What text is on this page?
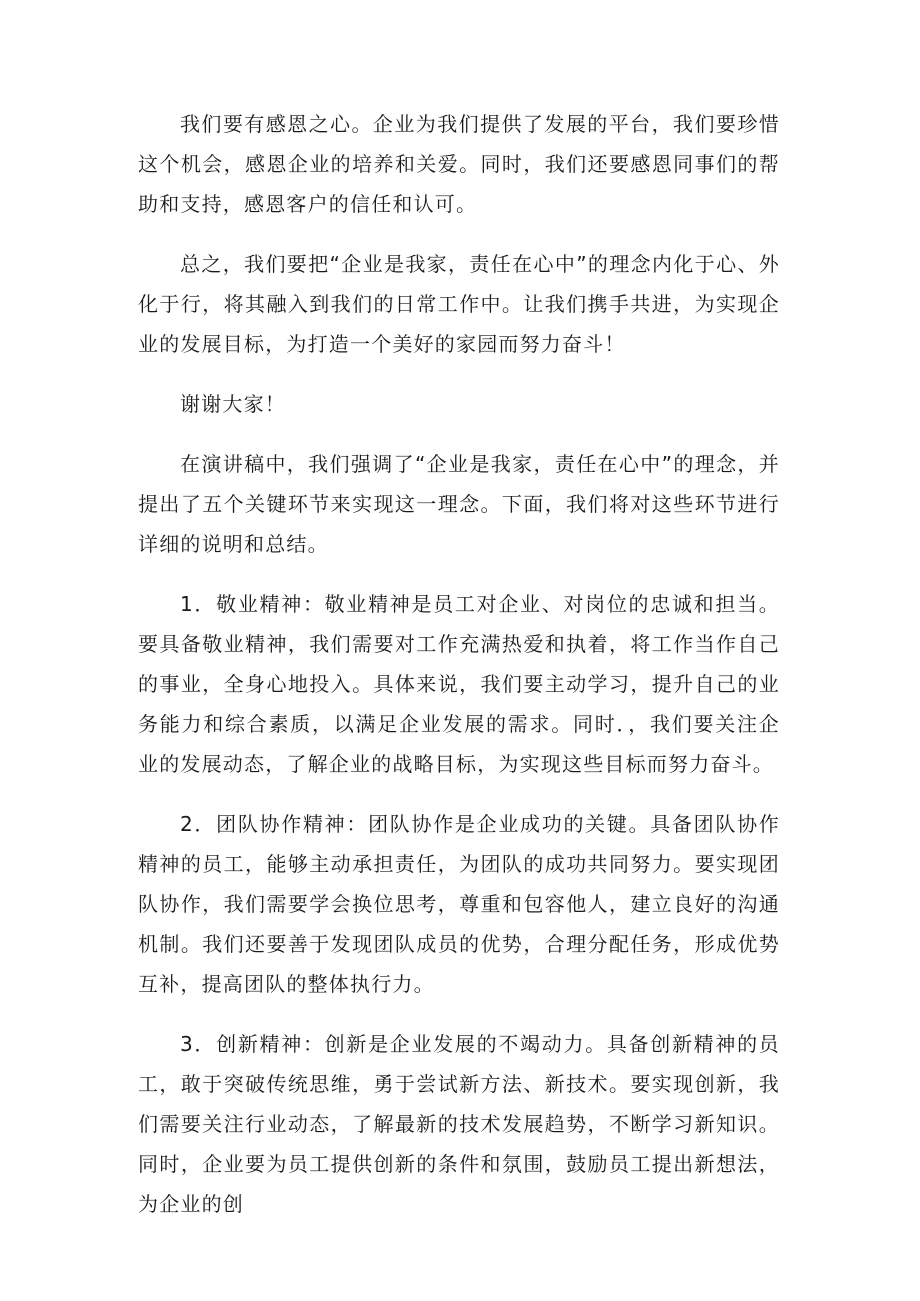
我们要有感恩之心。企业为我们提供了发展的平台，我们要珍惜这个机会，感恩企业的培养和关爱。同时，我们还要感恩同事们的帮助和支持，感恩客户的信任和认可。

总之，我们要把“企业是我家，责任在心中”的理念内化于心、外化于行，将其融入到我们的日常工作中。让我们携手共进，为实现企业的发展目标，为打造一个美好的家园而努力奋斗！

谢谢大家！

在演讲稿中，我们强调了“企业是我家，责任在心中”的理念，并提出了五个关键环节来实现这一理念。下面，我们将对这些环节进行详细的说明和总结。

1．敬业精神：敬业精神是员工对企业、对岗位的忠诚和担当。要具备敬业精神，我们需要对工作充满热爱和执着，将工作当作自己的事业，全身心地投入。具体来说，我们要主动学习，提升自己的业务能力和综合素质，以满足企业发展的需求。同时．，我们要关注企业的发展动态，了解企业的战略目标，为实现这些目标而努力奋斗。

2．团队协作精神：团队协作是企业成功的关键。具备团队协作精神的员工，能够主动承担责任，为团队的成功共同努力。要实现团队协作，我们需要学会换位思考，尊重和包容他人，建立良好的沟通机制。我们还要善于发现团队成员的优势，合理分配任务，形成优势互补，提高团队的整体执行力。

3．创新精神：创新是企业发展的不竭动力。具备创新精神的员工，敢于突破传统思维，勇于尝试新方法、新技术。要实现创新，我们需要关注行业动态，了解最新的技术发展趋势，不断学习新知识。同时，企业要为员工提供创新的条件和氛围，鼓励员工提出新想法，为企业的创
